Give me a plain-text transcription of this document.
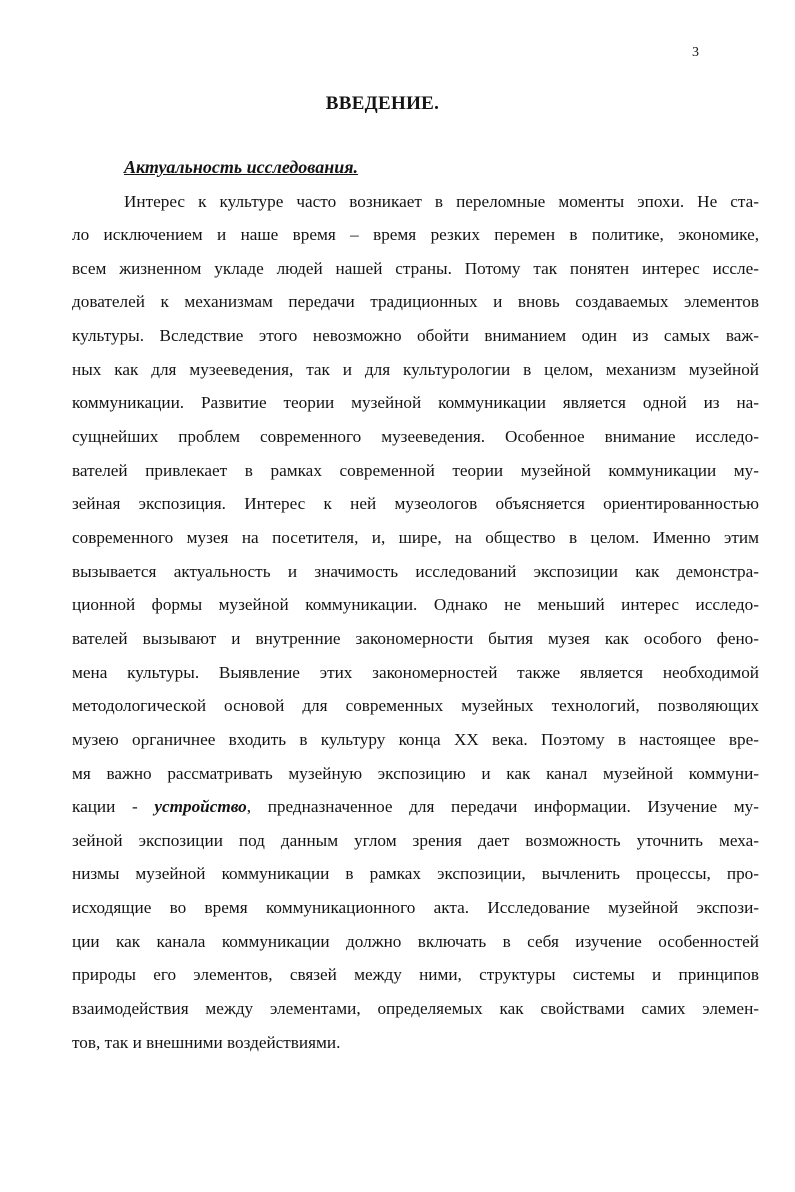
3
ВВЕДЕНИЕ.
Актуальность исследования.
Интерес к культуре часто возникает в переломные моменты эпохи. Не ста-
ло исключением и наше время – время резких перемен в политике, экономике,
всем жизненном укладе людей нашей страны. Потому так понятен интерес иссле-
дователей к механизмам передачи традиционных и вновь создаваемых элементов
культуры. Вследствие этого невозможно обойти вниманием один из самых важ-
ных как для музееведения, так и для культурологии в целом, механизм музейной
коммуникации. Развитие теории музейной коммуникации является одной из на-
сущнейших проблем современного музееведения. Особенное внимание исследо-
вателей привлекает в рамках современной теории музейной коммуникации му-
зейная экспозиция. Интерес к ней музеологов объясняется ориентированностью
современного музея на посетителя, и, шире, на общество в целом. Именно этим
вызывается актуальность и значимость исследований экспозиции как демонстра-
ционной формы музейной коммуникации. Однако не меньший интерес исследо-
вателей вызывают и внутренние закономерности бытия музея как особого фено-
мена культуры. Выявление этих закономерностей также является необходимой
методологической основой для современных музейных технологий, позволяющих
музею органичнее входить в культуру конца XX века. Поэтому в настоящее вре-
мя важно рассматривать музейную экспозицию и как канал музейной коммуни-
кации - устройство, предназначенное для передачи информации. Изучение му-
зейной экспозиции под данным углом зрения дает возможность уточнить меха-
низмы музейной коммуникации в рамках экспозиции, вычленить процессы, про-
исходящие во время коммуникационного акта. Исследование музейной экспози-
ции как канала коммуникации должно включать в себя изучение особенностей
природы его элементов, связей между ними, структуры системы и принципов
взаимодействия между элементами, определяемых как свойствами самих элемен-
тов, так и внешними воздействиями.
